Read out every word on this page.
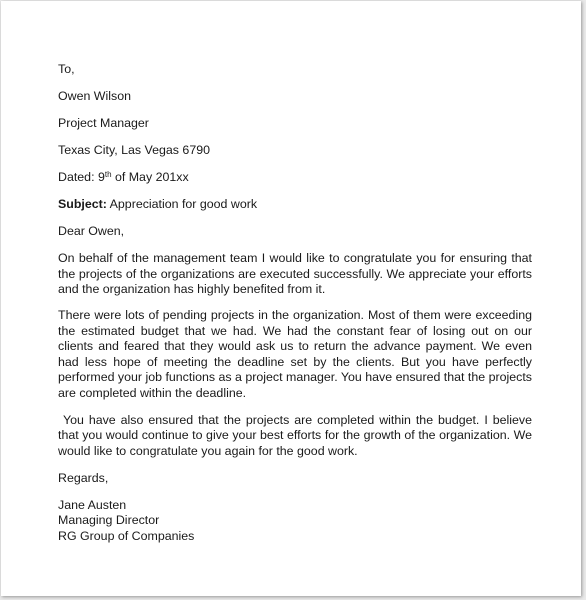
To,

Owen Wilson

Project Manager

Texas City, Las Vegas 6790

Dated: 9th of May 201xx

Subject: Appreciation for good work

Dear Owen,

On behalf of the management team I would like to congratulate you for ensuring that the projects of the organizations are executed successfully. We appreciate your efforts and the organization has highly benefited from it.

There were lots of pending projects in the organization. Most of them were exceeding the estimated budget that we had. We had the constant fear of losing out on our clients and feared that they would ask us to return the advance payment. We even had less hope of meeting the deadline set by the clients. But you have perfectly performed your job functions as a project manager. You have ensured that the projects are completed within the deadline.

You have also ensured that the projects are completed within the budget. I believe that you would continue to give your best efforts for the growth of the organization. We would like to congratulate you again for the good work.

Regards,

Jane Austen

Managing Director

RG Group of Companies
